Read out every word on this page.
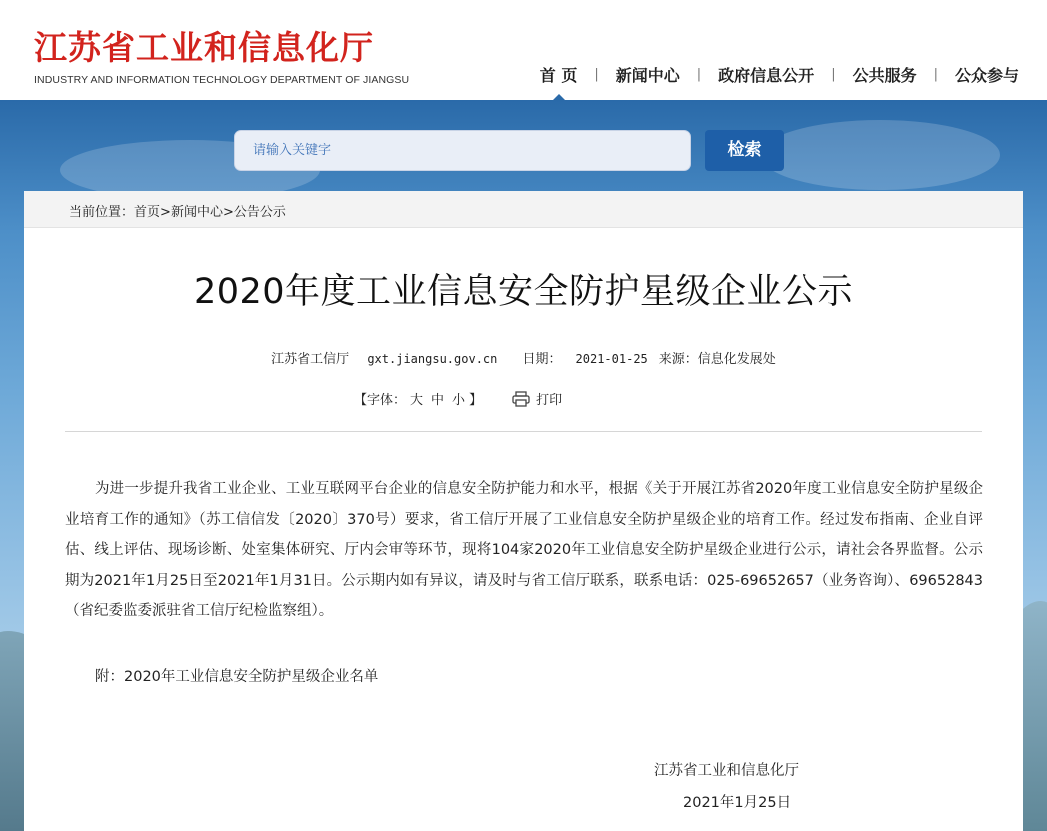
江苏省工业和信息化厅
INDUSTRY AND INFORMATION TECHNOLOGY DEPARTMENT OF JIANGSU	首 页 | 新闻中心 | 政府信息公开 | 公共服务 | 公众参与
请输入关键字	检索
当前位置：首页>新闻中心>公告公示
2020年度工业信息安全防护星级企业公示
江苏省工信厅 gxt.jiangsu.gov.cn 日期： 2021-01-25 来源：信息化发展处
【字体： 大 中 小 】	打印
为进一步提升我省工业企业、工业互联网平台企业的信息安全防护能力和水平，根据《关于开展江苏省2020年度工业信息安全防护星级企业培育工作的通知》（苏工信信发〔2020〕370号）要求，省工信厅开展了工业信息安全防护星级企业的培育工作。经过发布指南、企业自评估、线上评估、现场诊断、处室集体研究、厅内会审等环节，现将104家2020年工业信息安全防护星级企业进行公示，请社会各界监督。公示期为2021年1月25日至2021年1月31日。公示期内如有异议，请及时与省工信厅联系，联系电话：025-69652657（业务咨询）、69652843（省纪委监委派驻省工信厅纪检监察组）。
附：2020年工业信息安全防护星级企业名单
江苏省工业和信息化厅
2021年1月25日
